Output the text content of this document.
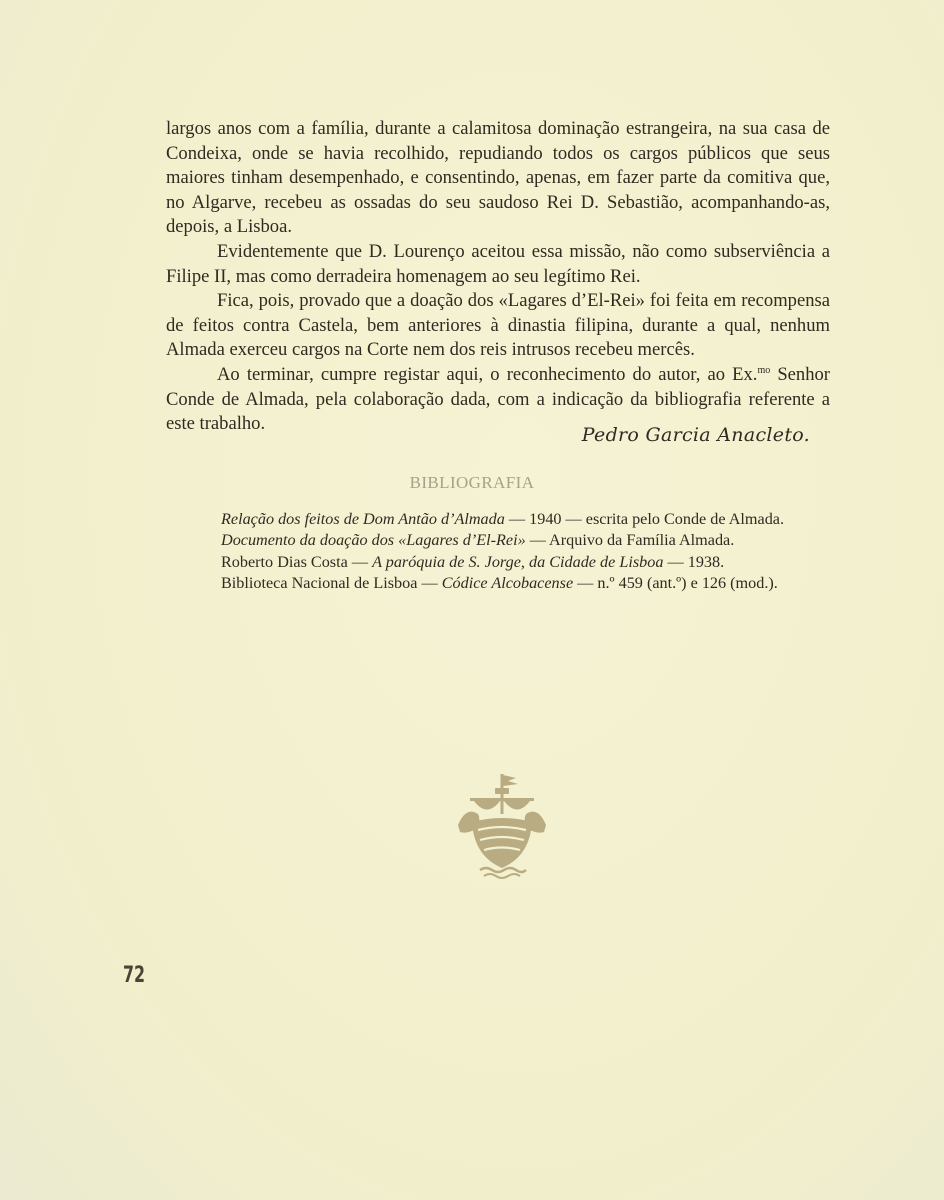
largos anos com a família, durante a calamitosa dominação estrangeira, na sua casa de Condeixa, onde se havia recolhido, repudiando todos os cargos públicos que seus maiores tinham desempenhado, e consentindo, apenas, em fazer parte da comitiva que, no Algarve, recebeu as ossadas do seu saudoso Rei D. Sebastião, acompanhando-as, depois, a Lisboa.

Evidentemente que D. Lourenço aceitou essa missão, não como subserviência a Filipe II, mas como derradeira homenagem ao seu legítimo Rei.

Fica, pois, provado que a doação dos «Lagares d’El-Rei» foi feita em recompensa de feitos contra Castela, bem anteriores à dinastia filipina, durante a qual, nenhum Almada exerceu cargos na Corte nem dos reis intrusos recebeu mercês.

Ao terminar, cumpre registar aqui, o reconhecimento do autor, ao Ex.$^{mo}$ Senhor Conde de Almada, pela colaboração dada, com a indicação da bibliografia referente a este trabalho.

Pedro Garcia Anacleto.
BIBLIOGRAFIA
Relação dos feitos de Dom Antão d’Almada — 1940 — escrita pelo Conde de Almada.
Documento da doação dos «Lagares d’El-Rei» — Arquivo da Família Almada.
Roberto Dias Costa — A paróquia de S. Jorge, da Cidade de Lisboa — 1938.
Biblioteca Nacional de Lisboa — Códice Alcobacense — n.º 459 (ant.º) e 126 (mod.).
72
